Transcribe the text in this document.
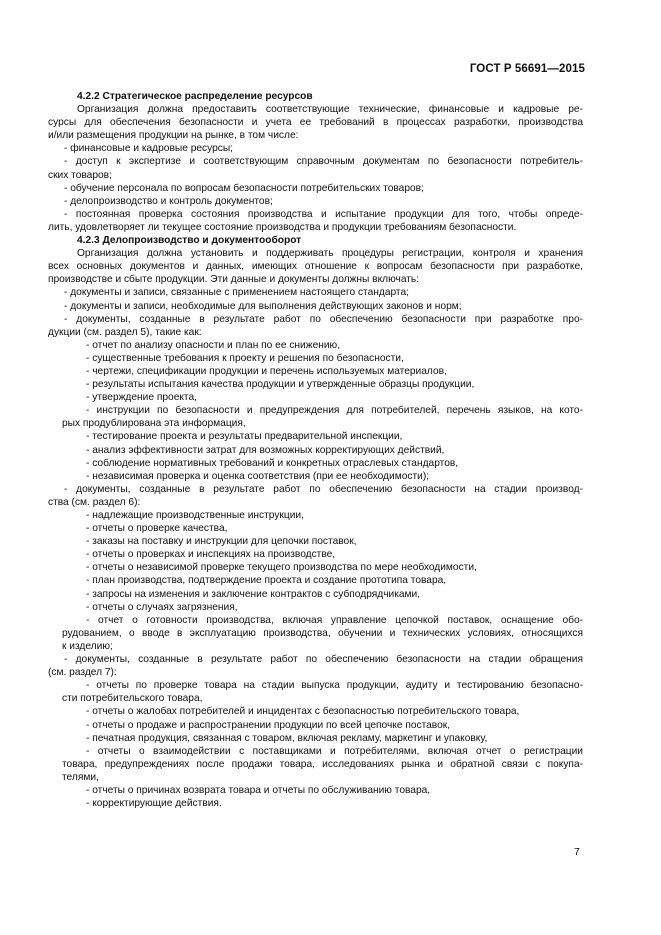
ГОСТ Р 56691—2015
4.2.2 Стратегическое распределение ресурсов
Организация должна предоставить соответствующие технические, финансовые и кадровые ре-
сурсы для обеспечения безопасности и учета ее требований в процессах разработки, производства
и/или размещения продукции на рынке, в том числе:
- финансовые и кадровые ресурсы;
- доступ к экспертизе и соответствующим справочным документам по безопасности потребитель-
ских товаров;
- обучение персонала по вопросам безопасности потребительских товаров;
- делопроизводство и контроль документов;
- постоянная проверка состояния производства и испытание продукции для того, чтобы опреде-
лить, удовлетворяет ли текущее состояние производства и продукции требованиям безопасности.
4.2.3 Делопроизводство и документооборот
Организация должна установить и поддерживать процедуры регистрации, контроля и хранения
всех основных документов и данных, имеющих отношение к вопросам безопасности при разработке,
производстве и сбыте продукции. Эти данные и документы должны включать:
- документы и записи, связанные с применением настоящего стандарта;
- документы и записи, необходимые для выполнения действующих законов и норм;
- документы, созданные в результате работ по обеспечению безопасности при разработке про-
дукции (см. раздел 5), такие как:
- отчет по анализу опасности и план по ее снижению,
- существенные требования к проекту и решения по безопасности,
- чертежи, спецификации продукции и перечень используемых материалов,
- результаты испытания качества продукции и утвержденные образцы продукции,
- утверждение проекта,
- инструкции по безопасности и предупреждения для потребителей, перечень языков, на кото-
рых продублирована эта информация,
- тестирование проекта и результаты предварительной инспекции,
- анализ эффективности затрат для возможных корректирующих действий,
- соблюдение нормативных требований и конкретных отраслевых стандартов,
- независимая проверка и оценка соответствия (при ее необходимости);
- документы, созданные в результате работ по обеспечению безопасности на стадии производ-
ства (см. раздел 6):
- надлежащие производственные инструкции,
- отчеты о проверке качества,
- заказы на поставку и инструкции для цепочки поставок,
- отчеты о проверках и инспекциях на производстве,
- отчеты о независимой проверке текущего производства по мере необходимости,
- план производства, подтверждение проекта и создание прототипа товара,
- запросы на изменения и заключение контрактов с субподрядчиками,
- отчеты о случаях загрязнения,
- отчет о готовности производства, включая управление цепочкой поставок, оснащение обо-
рудованием, о вводе в эксплуатацию производства, обучении и технических условиях, относящихся
к изделию;
- документы, созданные в результате работ по обеспечению безопасности на стадии обращения
(см. раздел 7):
- отчеты по проверке товара на стадии выпуска продукции, аудиту и тестированию безопасно-
сти потребительского товара,
- отчеты о жалобах потребителей и инцидентах с безопасностью потребительского товара,
- отчеты о продаже и распространении продукции по всей цепочке поставок,
- печатная продукция, связанная с товаром, включая рекламу, маркетинг и упаковку,
- отчеты о взаимодействии с поставщиками и потребителями, включая отчет о регистрации
товара, предупреждениях после продажи товара, исследованиях рынка и обратной связи с покупа-
телями,
- отчеты о причинах возврата товара и отчеты по обслуживанию товара,
- корректирующие действия.
7
